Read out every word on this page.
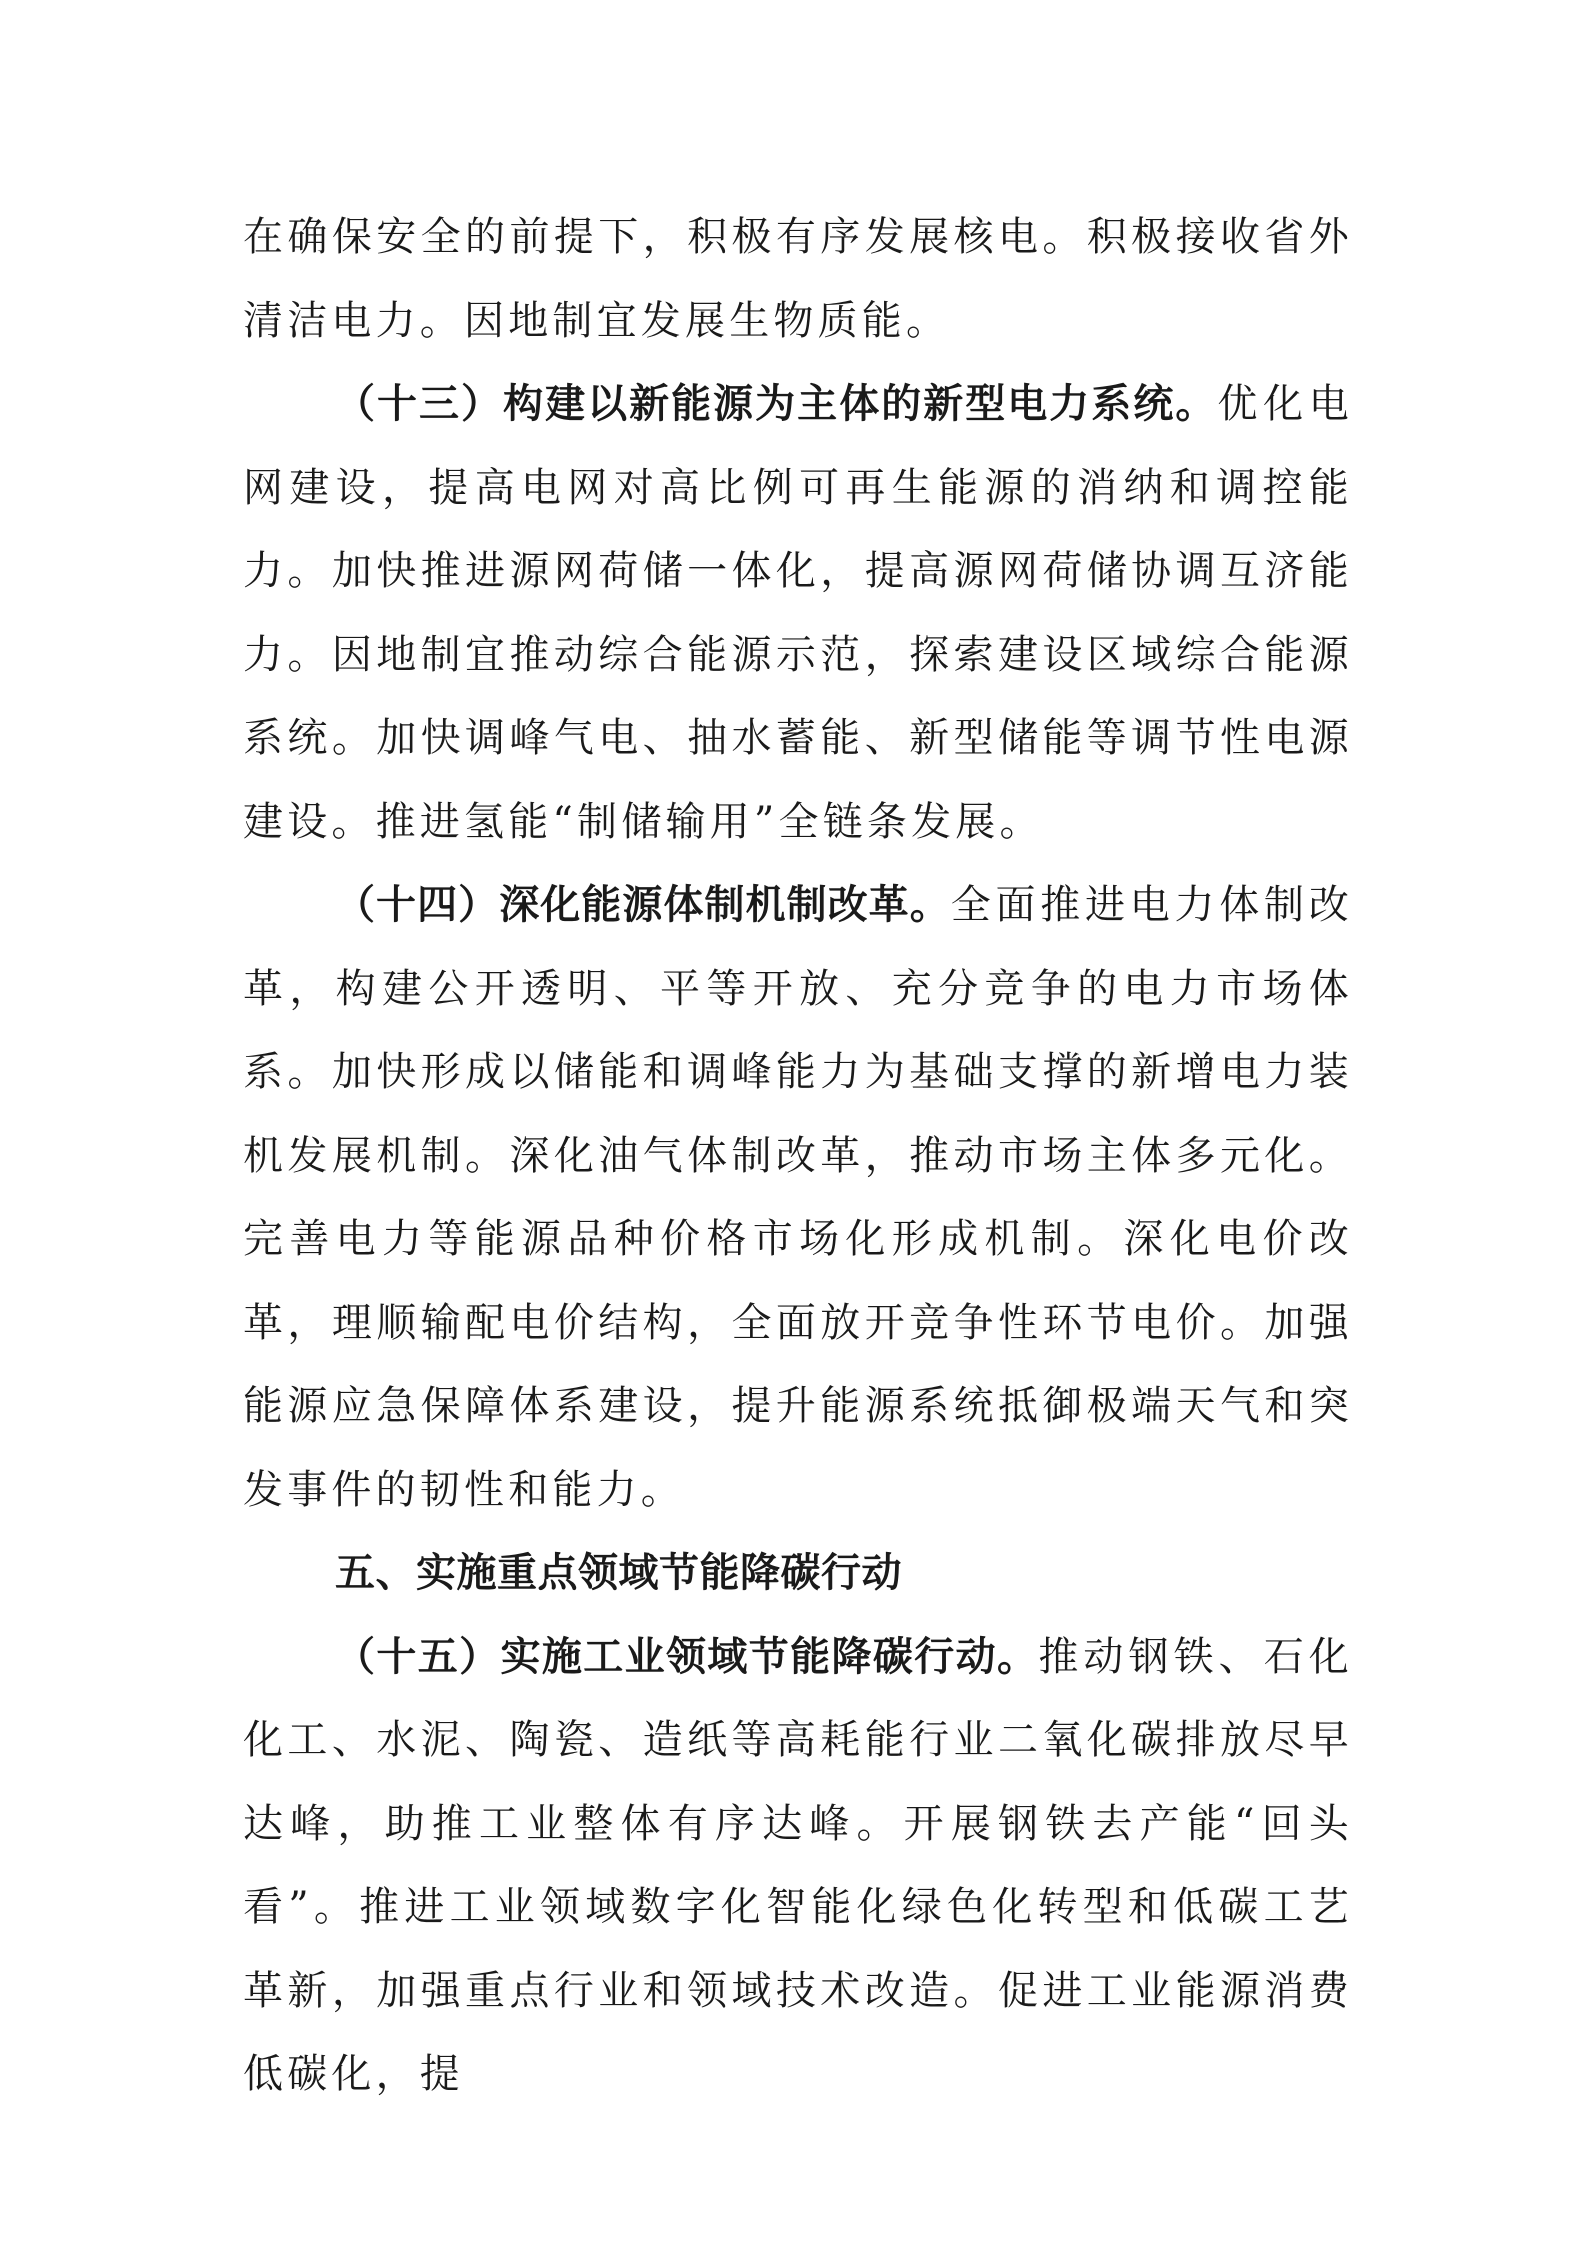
在确保安全的前提下，积极有序发展核电。积极接收省外清洁电力。因地制宜发展生物质能。

（十三）构建以新能源为主体的新型电力系统。优化电网建设，提高电网对高比例可再生能源的消纳和调控能力。加快推进源网荷储一体化，提高源网荷储协调互济能力。因地制宜推动综合能源示范，探索建设区域综合能源系统。加快调峰气电、抽水蓄能、新型储能等调节性电源建设。推进氢能“制储输用”全链条发展。

（十四）深化能源体制机制改革。全面推进电力体制改革，构建公开透明、平等开放、充分竞争的电力市场体系。加快形成以储能和调峰能力为基础支撑的新增电力装机发展机制。深化油气体制改革，推动市场主体多元化。完善电力等能源品种价格市场化形成机制。深化电价改革，理顺输配电价结构，全面放开竞争性环节电价。加强能源应急保障体系建设，提升能源系统抵御极端天气和突发事件的韧性和能力。

五、实施重点领域节能降碳行动

（十五）实施工业领域节能降碳行动。推动钢铁、石化化工、水泥、陶瓷、造纸等高耗能行业二氧化碳排放尽早达峰，助推工业整体有序达峰。开展钢铁去产能“回头看”。推进工业领域数字化智能化绿色化转型和低碳工艺革新，加强重点行业和领域技术改造。促进工业能源消费低碳化，提
